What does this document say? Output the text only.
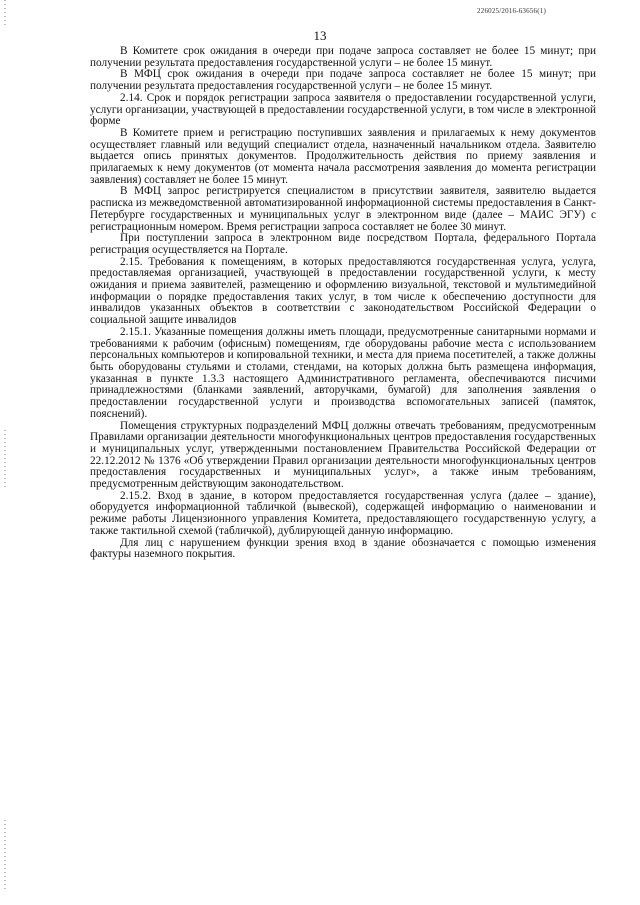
226025/2016-63656(1)
13

В Комитете срок ожидания в очереди при подаче запроса составляет не более 15 минут; при получении результата предоставления государственной услуги – не более 15 минут.

В МФЦ срок ожидания в очереди при подаче запроса составляет не более 15 минут; при получении результата предоставления государственной услуги – не более 15 минут.

2.14. Срок и порядок регистрации запроса заявителя о предоставлении государственной услуги, услуги организации, участвующей в предоставлении государственной услуги, в том числе в электронной форме

В Комитете прием и регистрацию поступивших заявления и прилагаемых к нему документов осуществляет главный или ведущий специалист отдела, назначенный начальником отдела. Заявителю выдается опись принятых документов. Продолжительность действия по приему заявления и прилагаемых к нему документов (от момента начала рассмотрения заявления до момента регистрации заявления) составляет не более 15 минут.

В МФЦ запрос регистрируется специалистом в присутствии заявителя, заявителю выдается расписка из межведомственной автоматизированной информационной системы предоставления в Санкт-Петербурге государственных и муниципальных услуг в электронном виде (далее – МАИС ЭГУ) с регистрационным номером. Время регистрации запроса составляет не более 30 минут.

При поступлении запроса в электронном виде посредством Портала, федерального Портала регистрация осуществляется на Портале.

2.15. Требования к помещениям, в которых предоставляются государственная услуга, услуга, предоставляемая организацией, участвующей в предоставлении государственной услуги, к месту ожидания и приема заявителей, размещению и оформлению визуальной, текстовой и мультимедийной информации о порядке предоставления таких услуг, в том числе к обеспечению доступности для инвалидов указанных объектов в соответствии с законодательством Российской Федерации о социальной защите инвалидов

2.15.1. Указанные помещения должны иметь площади, предусмотренные санитарными нормами и требованиями к рабочим (офисным) помещениям, где оборудованы рабочие места с использованием персональных компьютеров и копировальной техники, и места для приема посетителей, а также должны быть оборудованы стульями и столами, стендами, на которых должна быть размещена информация, указанная в пункте 1.3.3 настоящего Административного регламента, обеспечиваются писчими принадлежностями (бланками заявлений, авторучками, бумагой) для заполнения заявления о предоставлении государственной услуги и производства вспомогательных записей (памяток, пояснений).

Помещения структурных подразделений МФЦ должны отвечать требованиям, предусмотренным Правилами организации деятельности многофункциональных центров предоставления государственных и муниципальных услуг, утвержденными постановлением Правительства Российской Федерации от 22.12.2012 № 1376 «Об утверждении Правил организации деятельности многофункциональных центров предоставления государственных и муниципальных услуг», а также иным требованиям, предусмотренным действующим законодательством.

2.15.2. Вход в здание, в котором предоставляется государственная услуга (далее – здание), оборудуется информационной табличкой (вывеской), содержащей информацию о наименовании и режиме работы Лицензионного управления Комитета, предоставляющего государственную услугу, а также тактильной схемой (табличкой), дублирующей данную информацию.

Для лиц с нарушением функции зрения вход в здание обозначается с помощью изменения фактуры наземного покрытия.
